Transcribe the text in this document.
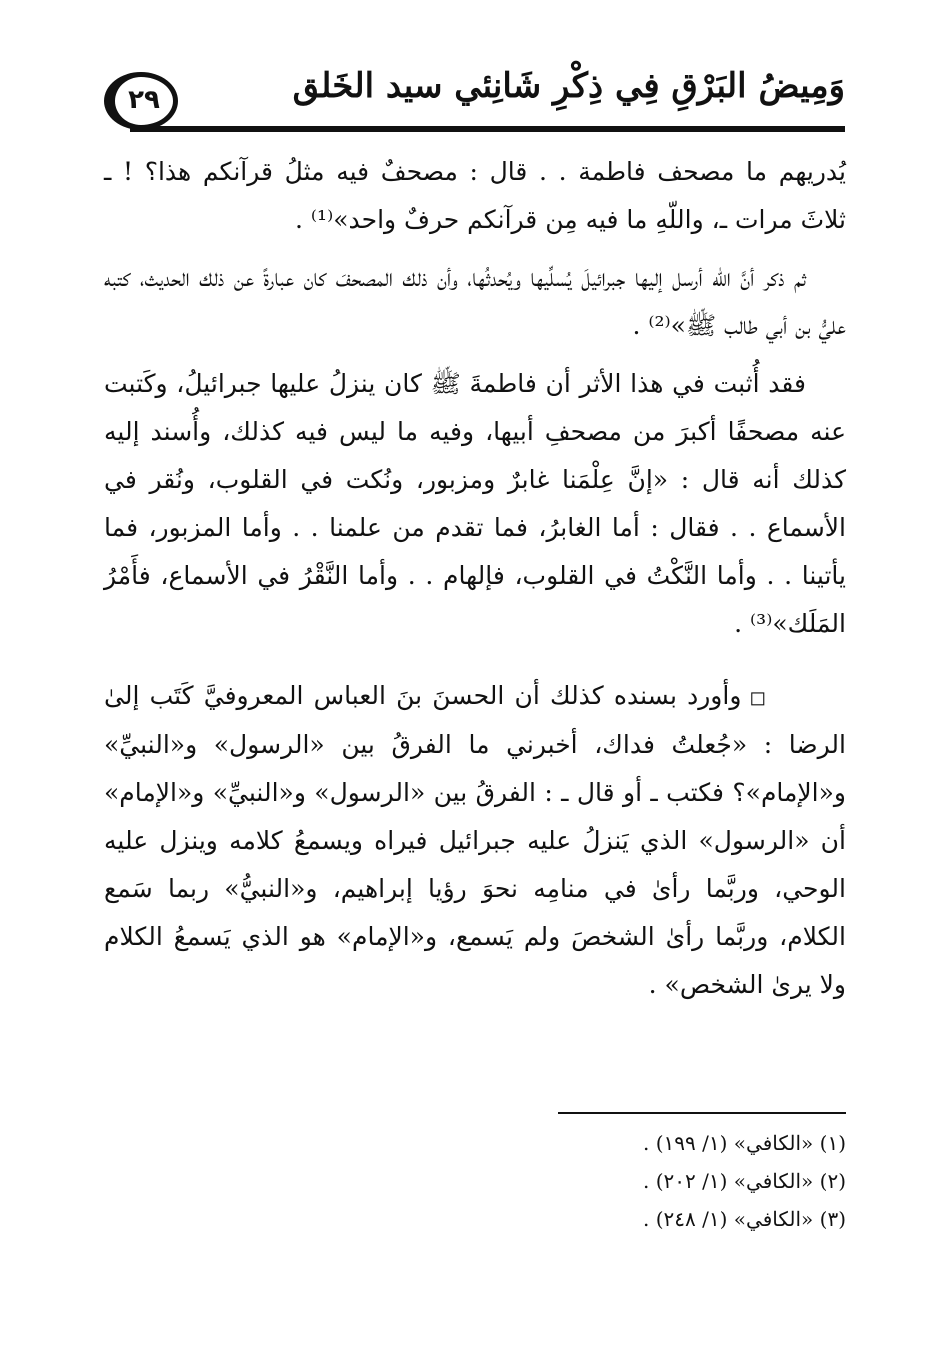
وَمِيضُ البَرْقِ فِي ذِكْرِ شَانِئي سيد الخَلق
٢٩

يُدريهم ما مصحف فاطمة . . قال : مصحفٌ فيه مثلُ قرآنكم هذا؟ ! ـ ثلاثَ مرات ـ، واللّهِ ما فيه مِن قرآنكم حرفٌ واحد»⁽¹⁾ .

ثم ذكر أنَّ اللّه أرسل إليها جبرائيلَ يُسلِّيها ويُحدثُها، وأن ذلك المصحفَ كان عبارةً عن ذلك الحديث، كتبه عليُّ بن أبي طالب ﷺ»⁽²⁾ .

فقد أُثبت في هذا الأثر أن فاطمةَ ﷺ كان ينزلُ عليها جبرائيلُ، وكَتبت عنه مصحفًا أكبرَ من مصحفِ أبيها، وفيه ما ليس فيه كذلك، وأُسند إليه كذلك أنه قال : «إنَّ عِلْمَنا غابرٌ ومزبور، ونُكت في القلوب، ونُقر في الأسماع . . فقال : أما الغابرُ، فما تقدم من علمنا . . وأما المزبور، فما يأتينا . . وأما النَّكْتُ في القلوب، فإلهام . . وأما النَّقْرُ في الأسماع، فأَمْرُ المَلَك»⁽³⁾ .

◻وأورد بسنده كذلك أن الحسنَ بنَ العباس المعروفيَّ كَتَب إلىٰ الرضا : «جُعلتُ فداك، أخبرني ما الفرقُ بين «الرسول» و«النبيِّ» و«الإمام»؟ فكتب ـ أو قال ـ : الفرقُ بين «الرسول» و«النبيِّ» و«الإمام» أن «الرسول» الذي يَنزلُ عليه جبرائيل فيراه ويسمعُ كلامه وينزل عليه الوحي، وربَّما رأىٰ في منامِه نحوَ رؤيا إبراهيم، و«النبيُّ» ربما سَمع الكلام، وربَّما رأىٰ الشخصَ ولم يَسمع، و«الإمام» هو الذي يَسمعُ الكلام ولا يرىٰ الشخص» .

(١) «الكافي» (١/ ١٩٩) .

(٢) «الكافي» (١/ ٢٠٢) .

(٣) «الكافي» (١/ ٢٤٨) .
